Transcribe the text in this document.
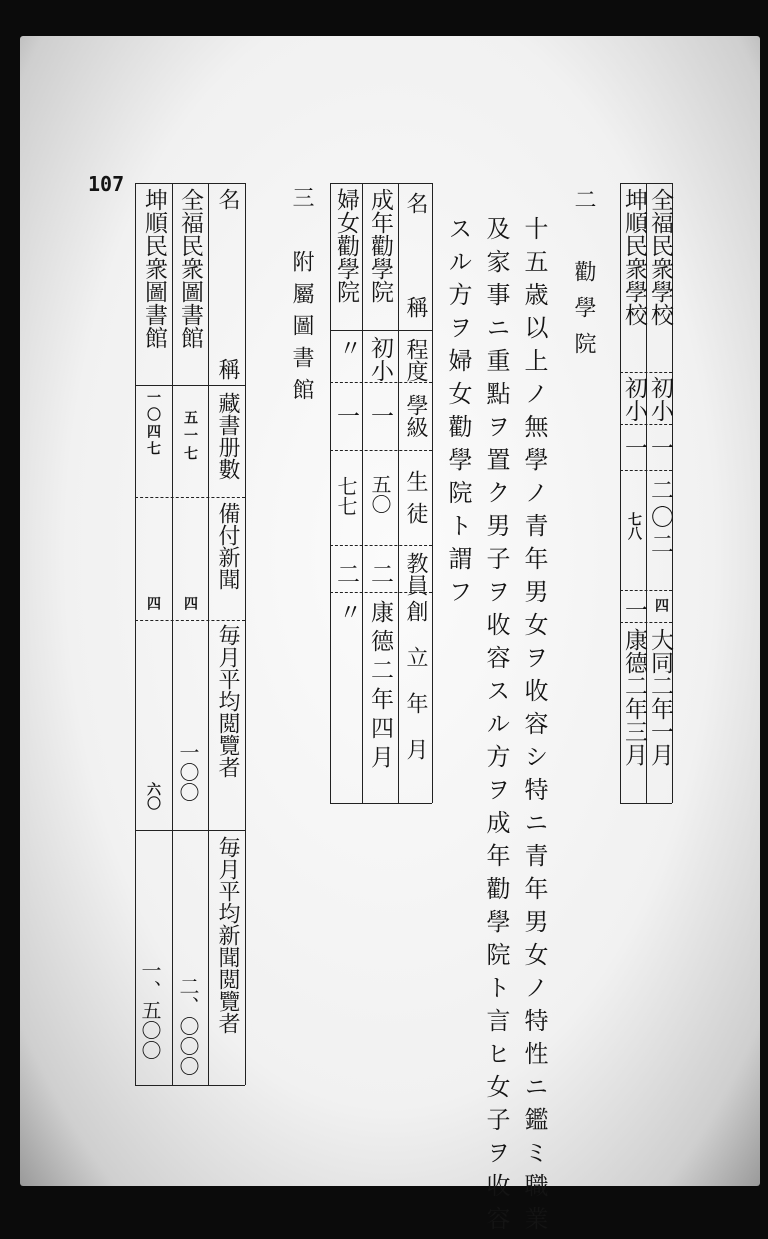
107
全福民衆學校
初小
一
二〇二
四
大同二年一月
坤順民衆學校
初小
一
七八
一
康德二年三月
二　勸學院
十五歳以上ノ無學ノ青年男女ヲ收容シ特ニ青年男女ノ特性ニ鑑ミ職業
及家事ニ重點ヲ置ク男子ヲ收容スル方ヲ成年勸學院ト言ヒ女子ヲ收容
スル方ヲ婦女勸學院ト謂フ
名
稱
程度
學級
生徒
教員
創立年月
成年勸學院
初小
一
五〇
二
康德二年四月
婦女勸學院
〃
一
七七
二
〃
三　附屬圖書館
名
稱
藏書册數
備付新聞
毎月平均閲覽者
毎月平均新聞閲覽者
全福民衆圖書館
五一七
四
一〇〇
二、〇〇〇
坤順民衆圖書館
一〇四七
四
六〇
一、五〇〇
